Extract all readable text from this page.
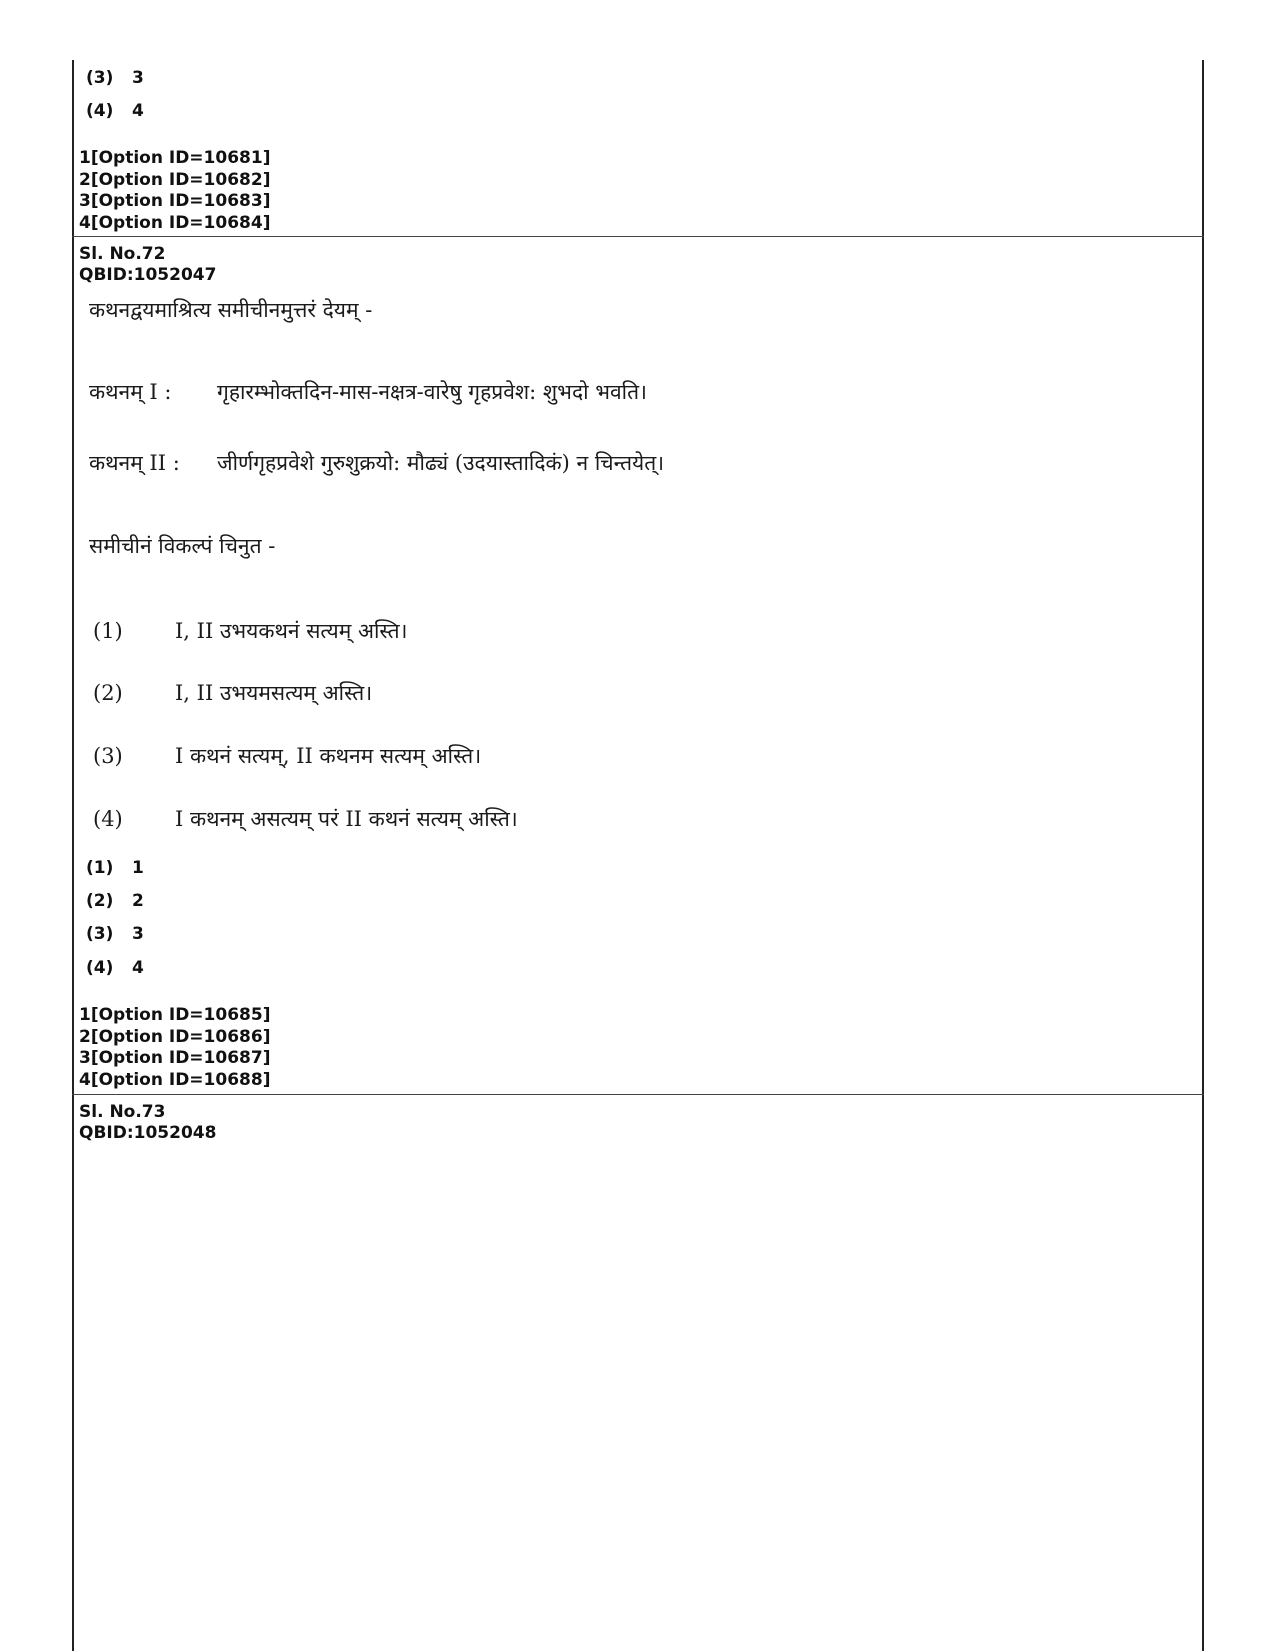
(3) 3
(4) 4
1[Option ID=10681]
2[Option ID=10682]
3[Option ID=10683]
4[Option ID=10684]
Sl. No.72
QBID:1052047
कथनद्वयमाश्रित्य समीचीनमुत्तरं देयम् -
कथनम् I : गृहारम्भोक्तदिन-मास-नक्षत्र-वारेषु गृहप्रवेश: शुभदो भवति।
कथनम् II : जीर्णगृहप्रवेशे गुरुशुक्रयो: मौढ्यं (उदयास्तादिकं) न चिन्तयेत्।
समीचीनं विकल्पं चिनुत -
(1) I, II उभयकथनं सत्यम् अस्ति।
(2) I, II उभयमसत्यम् अस्ति।
(3) I कथनं सत्यम्, II कथनम सत्यम् अस्ति।
(4) I कथनम् असत्यम् परं II कथनं सत्यम् अस्ति।
(1) 1
(2) 2
(3) 3
(4) 4
1[Option ID=10685]
2[Option ID=10686]
3[Option ID=10687]
4[Option ID=10688]
Sl. No.73
QBID:1052048
